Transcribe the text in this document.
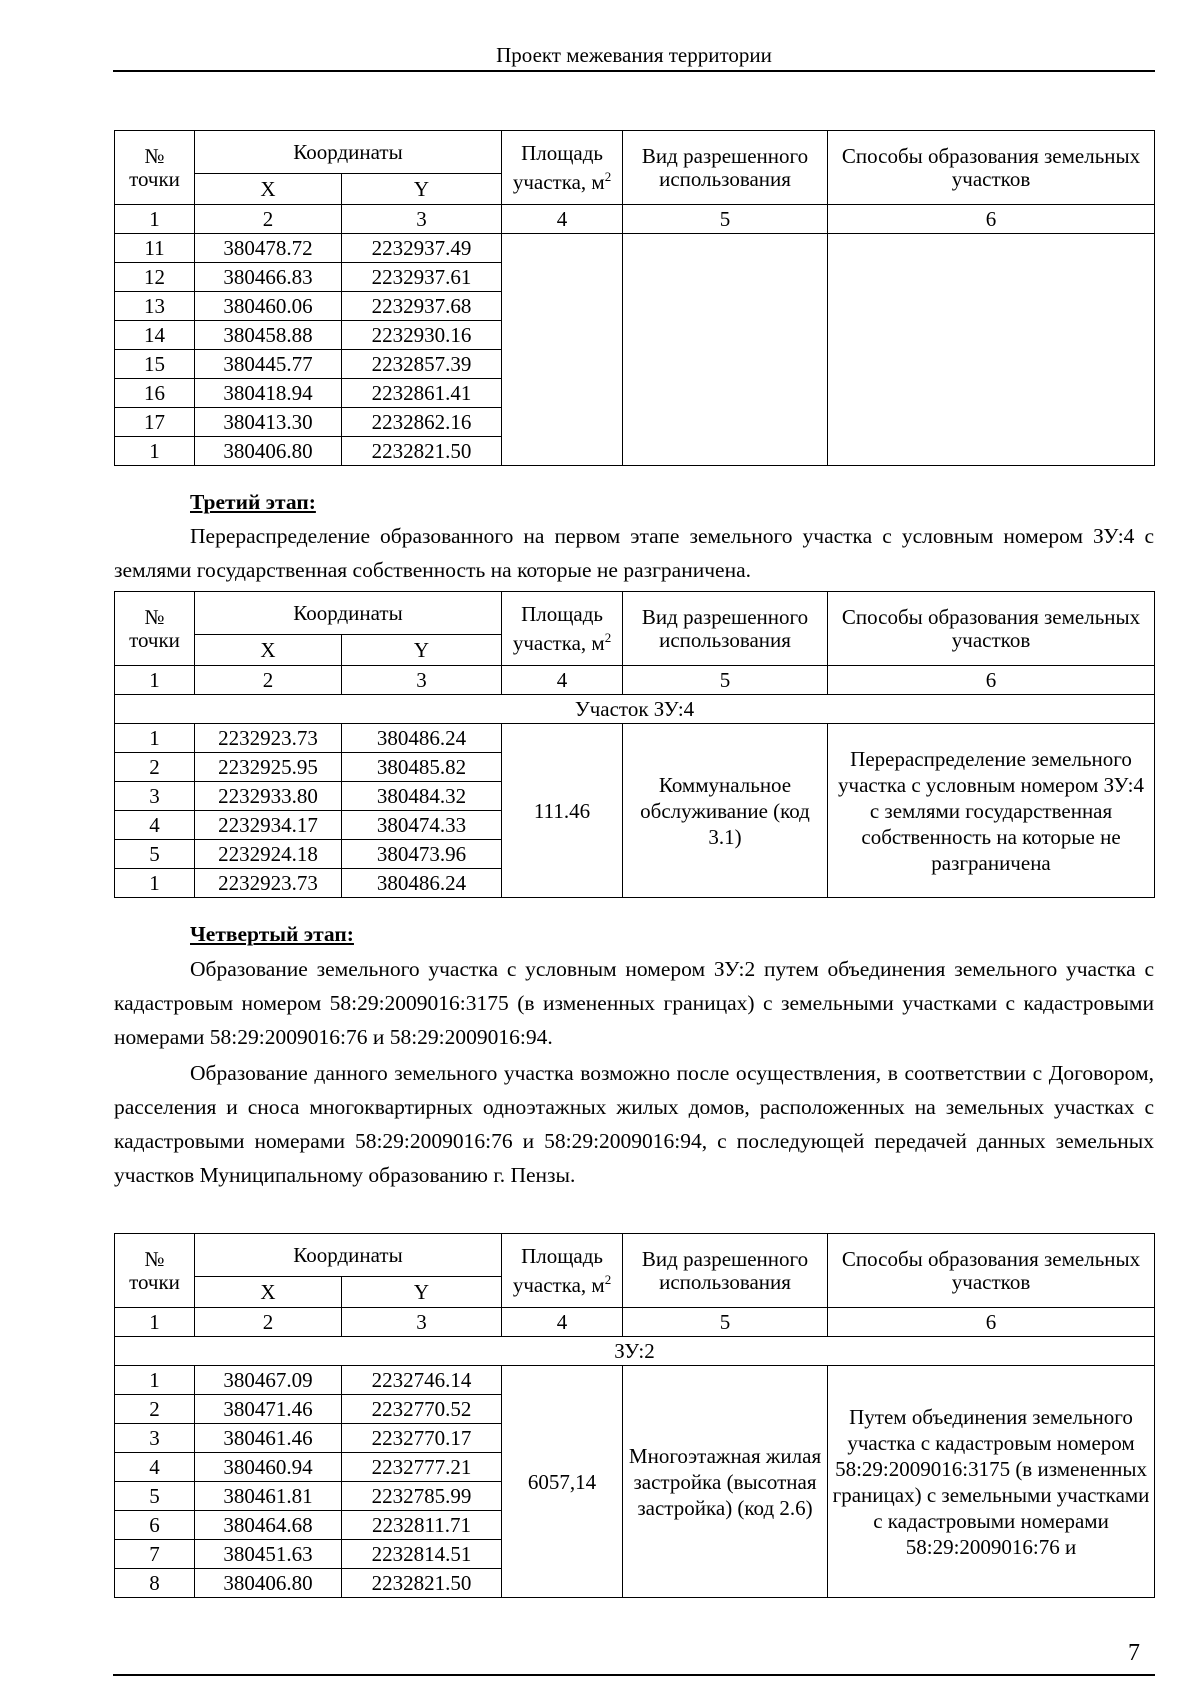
Проект межевания территории
№ точки	Координаты		Площадь участка, $м^2$	Вид разрешенного использования	Способы образования земельных участков
	X	Y			
1	2	3	4	5	6
11	380478.72	2232937.49			
12	380466.83	2232937.61			
13	380460.06	2232937.68			
14	380458.88	2232930.16			
15	380445.77	2232857.39			
16	380418.94	2232861.41			
17	380413.30	2232862.16			
1	380406.80	2232821.50			
Третий этап:
Перераспределение образованного на первом этапе земельного участка с условным номером ЗУ:4 с землями государственная собственность на которые не разграничена.
№ точки	Координаты		Площадь участка, $м^2$	Вид разрешенного использования	Способы образования земельных участков
	X	Y			
1	2	3	4	5	6
Участок ЗУ:4					
1	2232923.73	380486.24	111.46	Коммунальное обслуживание (код 3.1)	Перераспределение земельного участка с условным номером ЗУ:4 с землями государственная собственность на которые не разграничена
2	2232925.95	380485.82			
3	2232933.80	380484.32			
4	2232934.17	380474.33			
5	2232924.18	380473.96			
1	2232923.73	380486.24			
Четвертый этап:
Образование земельного участка с условным номером ЗУ:2 путем объединения земельного участка с кадастровым номером 58:29:2009016:3175 (в измененных границах) с земельными участками с кадастровыми номерами 58:29:2009016:76 и 58:29:2009016:94.
Образование данного земельного участка возможно после осуществления, в соответствии с Договором, расселения и сноса многоквартирных одноэтажных жилых домов, расположенных на земельных участках с кадастровыми номерами 58:29:2009016:76 и 58:29:2009016:94, с последующей передачей данных земельных участков Муниципальному образованию г. Пензы.
№ точки	Координаты		Площадь участка, $м^2$	Вид разрешенного использования	Способы образования земельных участков
	X	Y			
1	2	3	4	5	6
ЗУ:2					
1	380467.09	2232746.14	6057,14	Многоэтажная жилая застройка (высотная застройка) (код 2.6)	Путем объединения земельного участка с кадастровым номером 58:29:2009016:3175 (в измененных границах) с земельными участками с кадастровыми номерами 58:29:2009016:76 и
2	380471.46	2232770.52			
3	380461.46	2232770.17			
4	380460.94	2232777.21			
5	380461.81	2232785.99			
6	380464.68	2232811.71			
7	380451.63	2232814.51			
8	380406.80	2232821.50			
7
